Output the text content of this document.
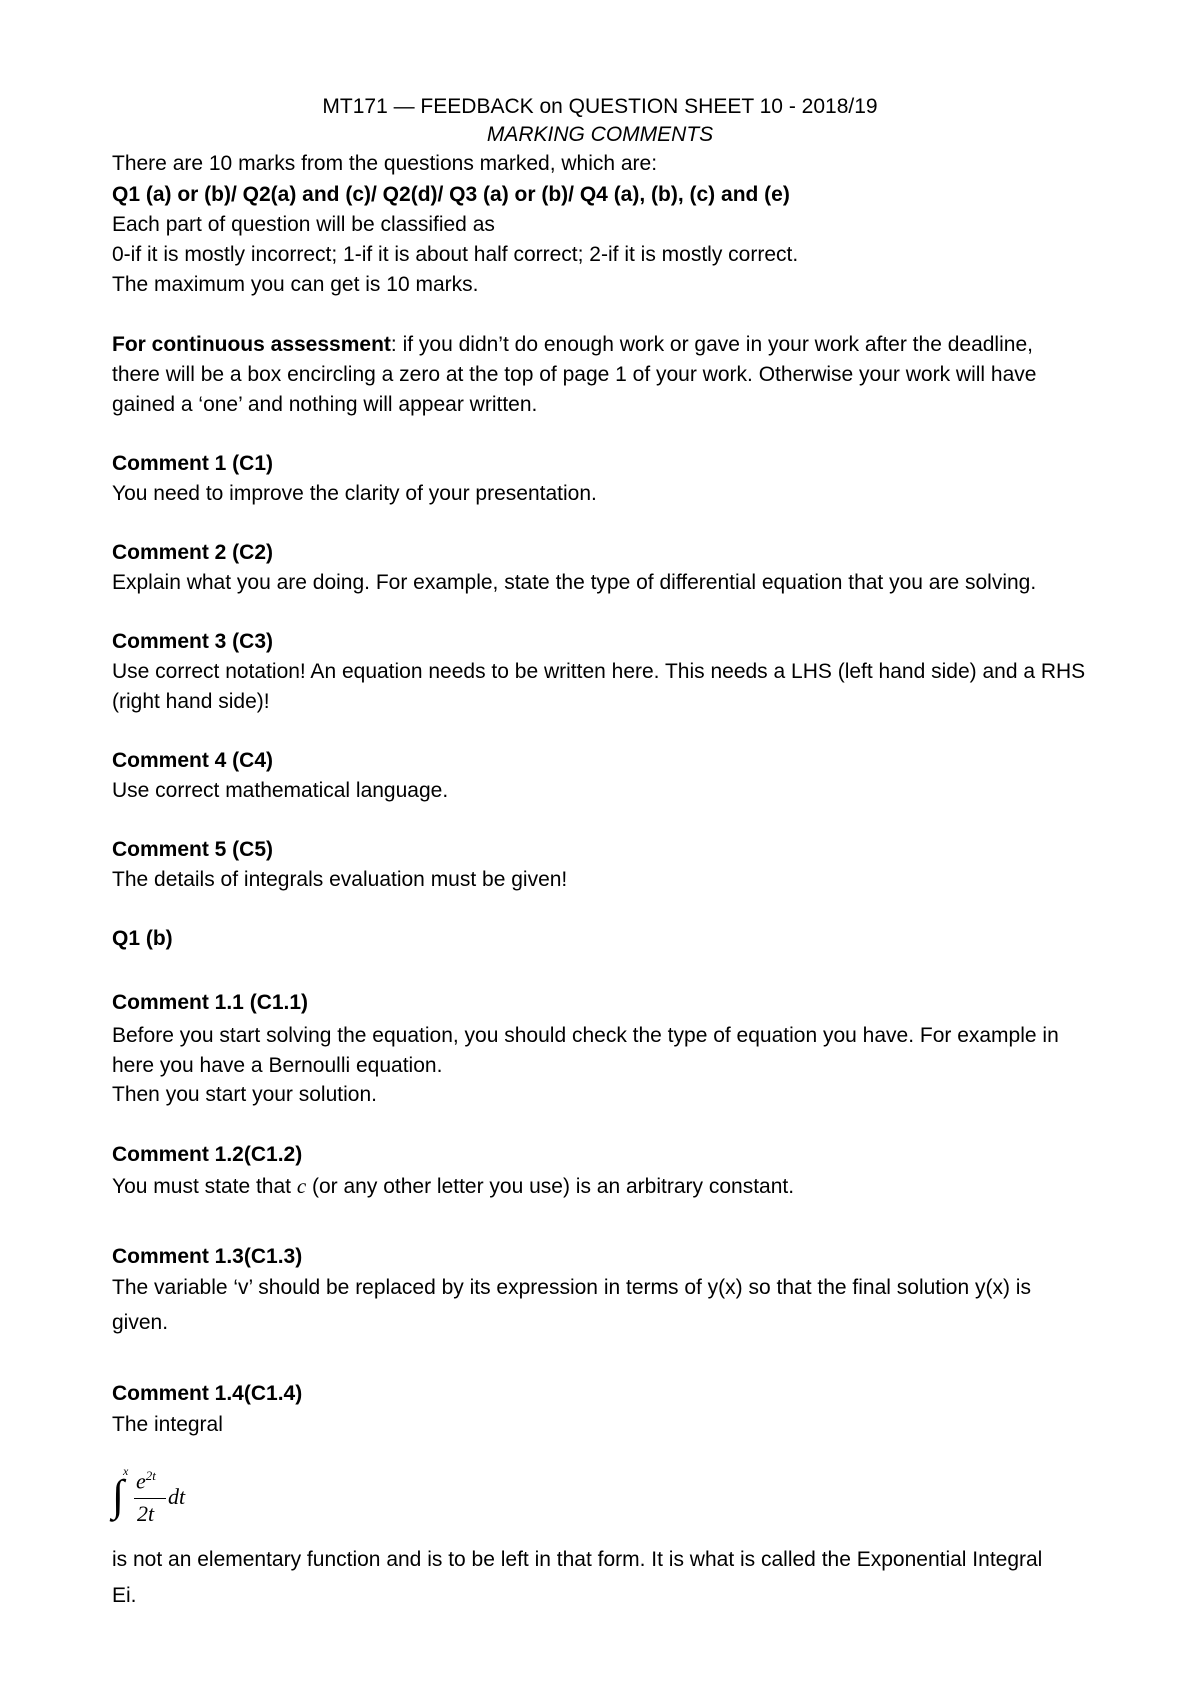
MT171 — FEEDBACK on QUESTION SHEET 10 - 2018/19
MARKING COMMENTS
There are 10 marks from the questions marked, which are:
Q1 (a) or (b)/ Q2(a) and (c)/ Q2(d)/ Q3 (a) or (b)/ Q4 (a), (b), (c) and (e)
Each part of question will be classified as
0-if it is mostly incorrect; 1-if it is about half correct; 2-if it is mostly correct.
The maximum you can get is 10 marks.
For continuous assessment: if you didn’t do enough work or gave in your work after the deadline,
there will be a box encircling a zero at the top of page 1 of your work. Otherwise your work will have
gained a ‘one’ and nothing will appear written.
Comment 1 (C1)
You need to improve the clarity of your presentation.
Comment 2 (C2)
Explain what you are doing. For example, state the type of differential equation that you are solving.
Comment 3 (C3)
Use correct notation! An equation needs to be written here. This needs a LHS (left hand side) and a RHS
(right hand side)!
Comment 4 (C4)
Use correct mathematical language.
Comment 5 (C5)
The details of integrals evaluation must be given!
Q1 (b)
Comment 1.1 (C1.1)
Before you start solving the equation, you should check the type of equation you have. For example in
here you have a Bernoulli equation.
Then you start your solution.
Comment 1.2(C1.2)
You must state that c (or any other letter you use) is an arbitrary constant.
Comment 1.3(C1.3)
The variable ‘v’ should be replaced by its expression in terms of y(x) so that the final solution y(x) is
given.
Comment 1.4(C1.4)
The integral
∫
x $e^{2t}$
2t
dt
is not an elementary function and is to be left in that form. It is what is called the Exponential Integral
Ei.
